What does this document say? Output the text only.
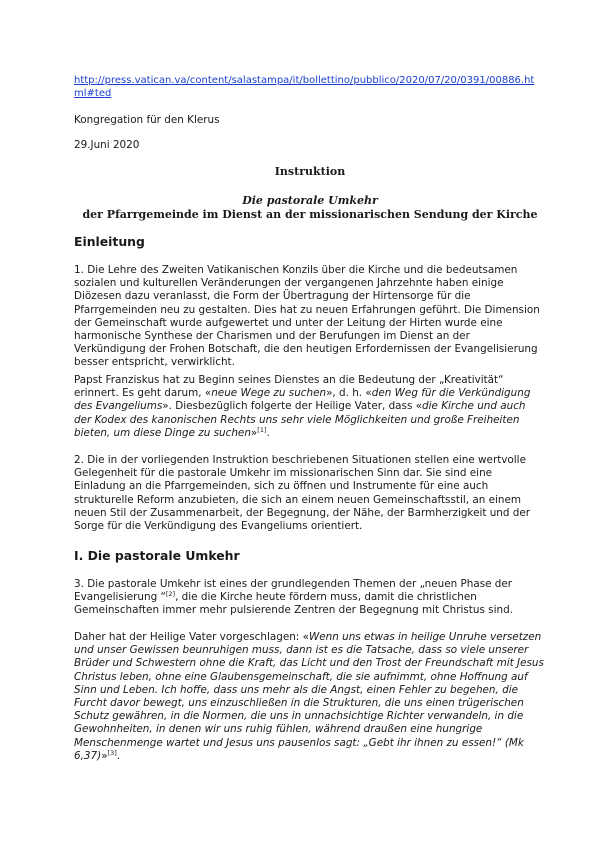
http://press.vatican.va/content/salastampa/it/bollettino/pubblico/2020/07/20/0391/00886.html#ted
Kongregation für den Klerus
29.Juni 2020
Instruktion
Die pastorale Umkehr
der Pfarrgemeinde im Dienst an der missionarischen Sendung der Kirche
Einleitung
1. Die Lehre des Zweiten Vatikanischen Konzils über die Kirche und die bedeutsamen sozialen und kulturellen Veränderungen der vergangenen Jahrzehnte haben einige Diözesen dazu veranlasst, die Form der Übertragung der Hirtensorge für die Pfarrgemeinden neu zu gestalten. Dies hat zu neuen Erfahrungen geführt. Die Dimension der Gemeinschaft wurde aufgewertet und unter der Leitung der Hirten wurde eine harmonische Synthese der Charismen und der Berufungen im Dienst an der Verkündigung der Frohen Botschaft, die den heutigen Erfordernissen der Evangelisierung besser entspricht, verwirklicht.
Papst Franziskus hat zu Beginn seines Dienstes an die Bedeutung der „Kreativität“ erinnert. Es geht darum, «neue Wege zu suchen», d. h. «den Weg für die Verkündigung des Evangeliums». Diesbezüglich folgerte der Heilige Vater, dass «die Kirche und auch der Kodex des kanonischen Rechts uns sehr viele Möglichkeiten und große Freiheiten bieten, um diese Dinge zu suchen»[1].
2. Die in der vorliegenden Instruktion beschriebenen Situationen stellen eine wertvolle Gelegenheit für die pastorale Umkehr im missionarischen Sinn dar. Sie sind eine Einladung an die Pfarrgemeinden, sich zu öffnen und Instrumente für eine auch strukturelle Reform anzubieten, die sich an einem neuen Gemeinschaftsstil, an einem neuen Stil der Zusammenarbeit, der Begegnung, der Nähe, der Barmherzigkeit und der Sorge für die Verkündigung des Evangeliums orientiert.
I. Die pastorale Umkehr
3. Die pastorale Umkehr ist eines der grundlegenden Themen der „neuen Phase der Evangelisierung “[2], die die Kirche heute fördern muss, damit die christlichen Gemeinschaften immer mehr pulsierende Zentren der Begegnung mit Christus sind.
Daher hat der Heilige Vater vorgeschlagen: «Wenn uns etwas in heilige Unruhe versetzen und unser Gewissen beunruhigen muss, dann ist es die Tatsache, dass so viele unserer Brüder und Schwestern ohne die Kraft, das Licht und den Trost der Freundschaft mit Jesus Christus leben, ohne eine Glaubensgemeinschaft, die sie aufnimmt, ohne Hoffnung auf Sinn und Leben. Ich hoffe, dass uns mehr als die Angst, einen Fehler zu begehen, die Furcht davor bewegt, uns einzuschließen in die Strukturen, die uns einen trügerischen Schutz gewähren, in die Normen, die uns in unnachsichtige Richter verwandeln, in die Gewohnheiten, in denen wir uns ruhig fühlen, während draußen eine hungrige Menschenmenge wartet und Jesus uns pausenlos sagt: „Gebt ihr ihnen zu essen!“ (Mk 6,37)»[3].
